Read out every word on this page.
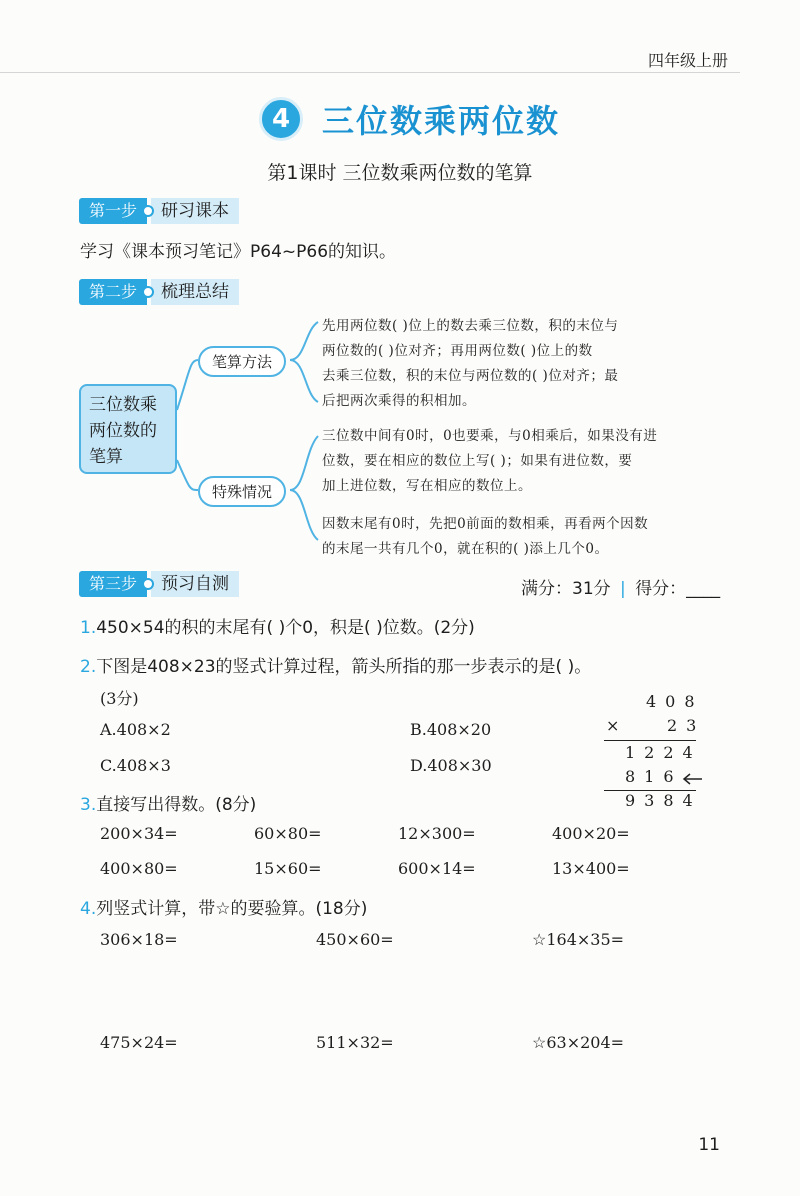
四年级上册
4 三位数乘两位数
第1课时 三位数乘两位数的笔算
第一步	研习课本
学习《课本预习笔记》P64~P66的知识。
第二步	梳理总结
三位数乘两位数的笔算
笔算方法
特殊情况
先用两位数( )位上的数去乘三位数，积的末位与
两位数的( )位对齐；再用两位数( )位上的数
去乘三位数，积的末位与两位数的( )位对齐；最
后把两次乘得的积相加。
三位数中间有0时，0也要乘，与0相乘后，如果没有进
位数，要在相应的数位上写( )；如果有进位数，要
加上进位数，写在相应的数位上。
因数末尾有0时，先把0前面的数相乘，再看两个因数
的末尾一共有几个0，就在积的( )添上几个0。
第三步	预习自测	满分：31分 | 得分：____
1.450×54的积的末尾有( )个0，积是( )位数。(2分)
2.下图是408×23的竖式计算过程，箭头所指的那一步表示的是( )。
(3分)
A.408×2	B.408×20
C.408×3	D.408×30
408
× 23
1224
816
9384
3.直接写出得数。(8分)
200×34=	60×80=	12×300=	400×20=
400×80=	15×60=	600×14=	13×400=
4.列竖式计算，带☆的要验算。(18分)
306×18=	450×60=	☆164×35=
475×24=	511×32=	☆63×204=
11
